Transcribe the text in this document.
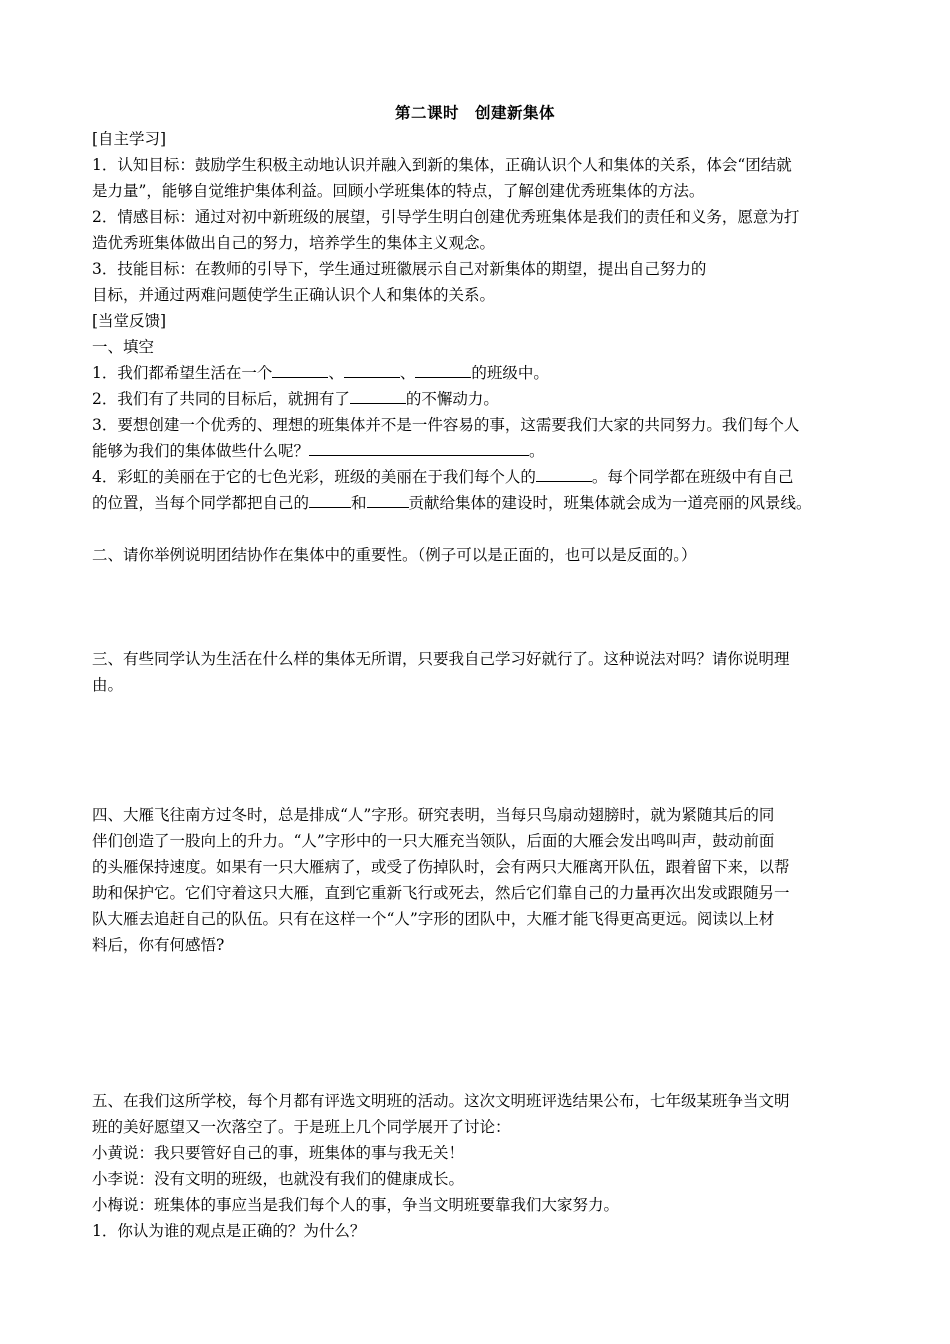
第二课时　创建新集体
[自主学习]
1．认知目标：鼓励学生积极主动地认识并融入到新的集体，正确认识个人和集体的关系，体会“团结就
是力量”，能够自觉维护集体利益。回顾小学班集体的特点，了解创建优秀班集体的方法。
2．情感目标：通过对初中新班级的展望，引导学生明白创建优秀班集体是我们的责任和义务，愿意为打
造优秀班集体做出自己的努力，培养学生的集体主义观念。
3．技能目标：在教师的引导下，学生通过班徽展示自己对新集体的期望，提出自己努力的
目标，并通过两难问题使学生正确认识个人和集体的关系。
[当堂反馈]
一、填空
1．我们都希望生活在一个	、	、	的班级中。
2．我们有了共同的目标后，就拥有了	的不懈动力。
3．要想创建一个优秀的、理想的班集体并不是一件容易的事，这需要我们大家的共同努力。我们每个人
能够为我们的集体做些什么呢？	。
4．彩虹的美丽在于它的七色光彩，班级的美丽在于我们每个人的	。每个同学都在班级中有自己
的位置，当每个同学都把自己的	和	贡献给集体的建设时，班集体就会成为一道亮丽的风景线。
二、请你举例说明团结协作在集体中的重要性。（例子可以是正面的，也可以是反面的。）
三、有些同学认为生活在什么样的集体无所谓，只要我自己学习好就行了。这种说法对吗？请你说明理
由。
四、大雁飞往南方过冬时，总是排成“人”字形。研究表明，当每只鸟扇动翅膀时，就为紧随其后的同
伴们创造了一股向上的升力。“人”字形中的一只大雁充当领队，后面的大雁会发出鸣叫声，鼓动前面
的头雁保持速度。如果有一只大雁病了，或受了伤掉队时，会有两只大雁离开队伍，跟着留下来，以帮
助和保护它。它们守着这只大雁，直到它重新飞行或死去，然后它们靠自己的力量再次出发或跟随另一
队大雁去追赶自己的队伍。只有在这样一个“人”字形的团队中，大雁才能飞得更高更远。阅读以上材
料后，你有何感悟?
五、在我们这所学校，每个月都有评选文明班的活动。这次文明班评选结果公布，七年级某班争当文明
班的美好愿望又一次落空了。于是班上几个同学展开了讨论：
小黄说：我只要管好自己的事，班集体的事与我无关！
小李说：没有文明的班级，也就没有我们的健康成长。
小梅说：班集体的事应当是我们每个人的事，争当文明班要靠我们大家努力。
1．你认为谁的观点是正确的？为什么？
